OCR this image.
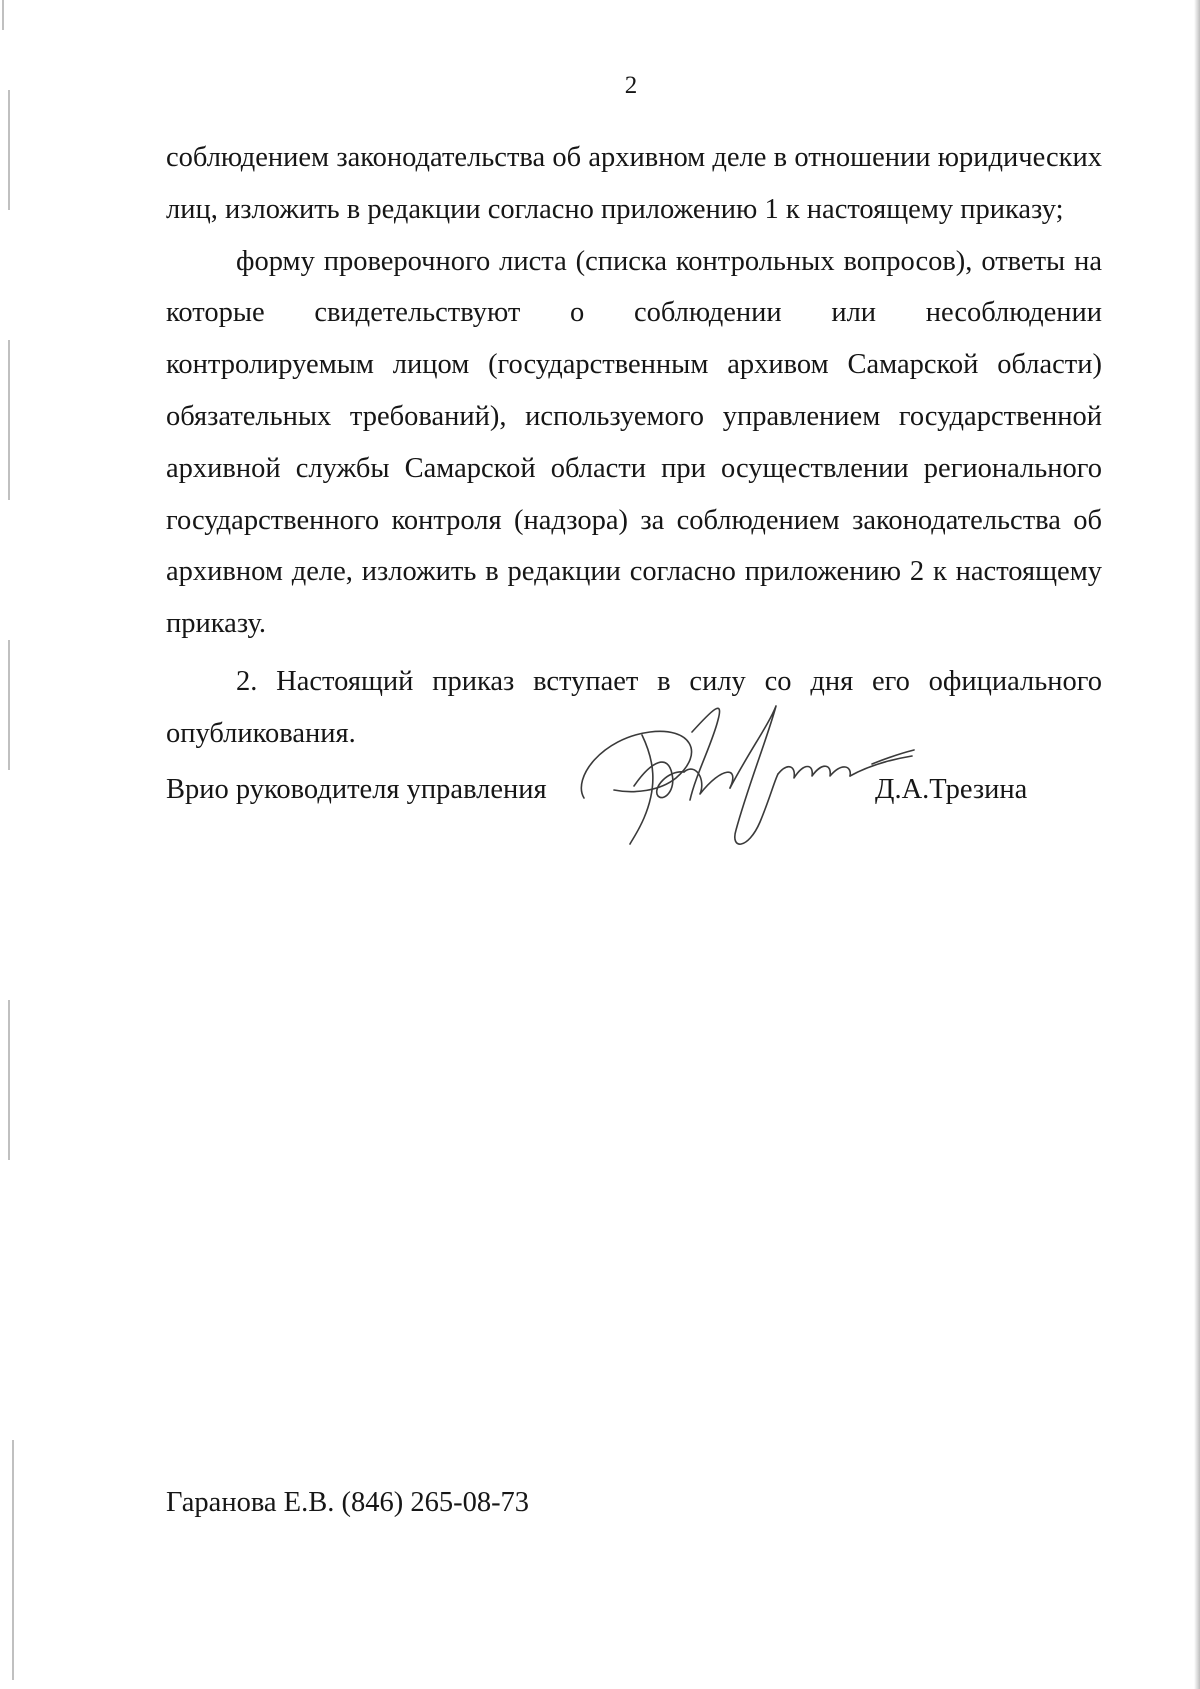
2

соблюдением законодательства об архивном деле в отношении юридических лиц, изложить в редакции согласно приложению 1 к настоящему приказу;

форму проверочного листа (списка контрольных вопросов), ответы на которые свидетельствуют о соблюдении или несоблюдении контролируемым лицом (государственным архивом Самарской области) обязательных требований), используемого управлением государственной архивной службы Самарской области при осуществлении регионального государственного контроля (надзора) за соблюдением законодательства об архивном деле, изложить в редакции согласно приложению 2 к настоящему приказу.

2. Настоящий приказ вступает в силу со дня его официального опубликования.

Врио руководителя управления	Д.А.Трезина
Гаранова Е.В. (846) 265-08-73
